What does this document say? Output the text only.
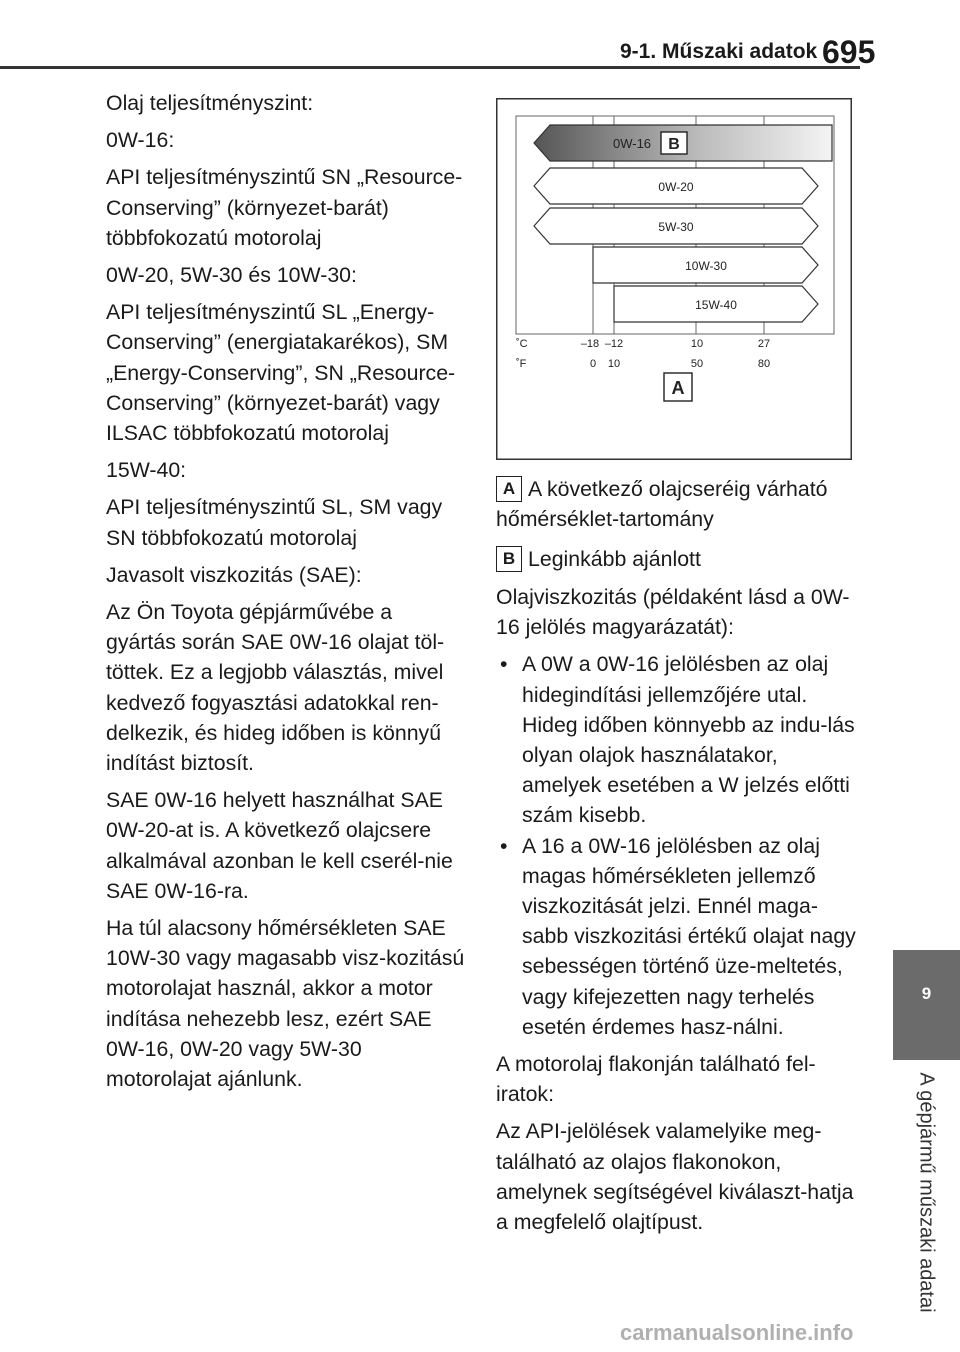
9-1. Műszaki adatok 695
9
A gépjármű műszaki adatai

Olaj teljesítményszint:

0W-16:

API teljesítményszintű SN „Resource-Conserving” (környezet-barát) többfokozatú motorolaj

0W-20, 5W-30 és 10W-30:

API teljesítményszintű SL „Energy-Conserving” (energiatakarékos), SM „Energy-Conserving”, SN „Resource-Conserving” (környezet-barát) vagy ILSAC többfokozatú motorolaj

15W-40:

API teljesítményszintű SL, SM vagy SN többfokozatú motorolaj

Javasolt viszkozitás (SAE):

Az Ön Toyota gépjárművébe a gyártás során SAE 0W-16 olajat töl-töttek. Ez a legjobb választás, mivel kedvező fogyasztási adatokkal ren-delkezik, és hideg időben is könnyű indítást biztosít.

SAE 0W-16 helyett használhat SAE 0W-20-at is. A következő olajcsere alkalmával azonban le kell cserél-nie SAE 0W-16-ra.

Ha túl alacsony hőmérsékleten SAE 10W-30 vagy magasabb visz-kozitású motorolajat használ, akkor a motor indítása nehezebb lesz, ezért SAE 0W-16, 0W-20 vagy 5W-30 motorolajat ajánlunk.

0W-16 B
0W-20
5W-30
10W-30
15W-40
˚C
˚F
–18 –12	10	27
0 10	50	80
A
A A következő olajcseréig várható hőmérséklet-tartomány
B Leginkább ajánlott

Olajviszkozitás (példaként lásd a 0W-16 jelölés magyarázatát):

• A 0W a 0W-16 jelölésben az olaj hidegindítási jellemzőjére utal. Hideg időben könnyebb az indu-lás olyan olajok használatakor, amelyek esetében a W jelzés előtti szám kisebb.
• A 16 a 0W-16 jelölésben az olaj magas hőmérsékleten jellemző viszkozitását jelzi. Ennél maga-sabb viszkozitási értékű olajat nagy sebességen történő üze-meltetés, vagy kifejezetten nagy terhelés esetén érdemes hasz-nálni.

A motorolaj flakonján található fel-iratok:

Az API-jelölések valamelyike meg-található az olajos flakonokon, amelynek segítségével kiválaszt-hatja a megfelelő olajtípust.

carmanualsonline.info
